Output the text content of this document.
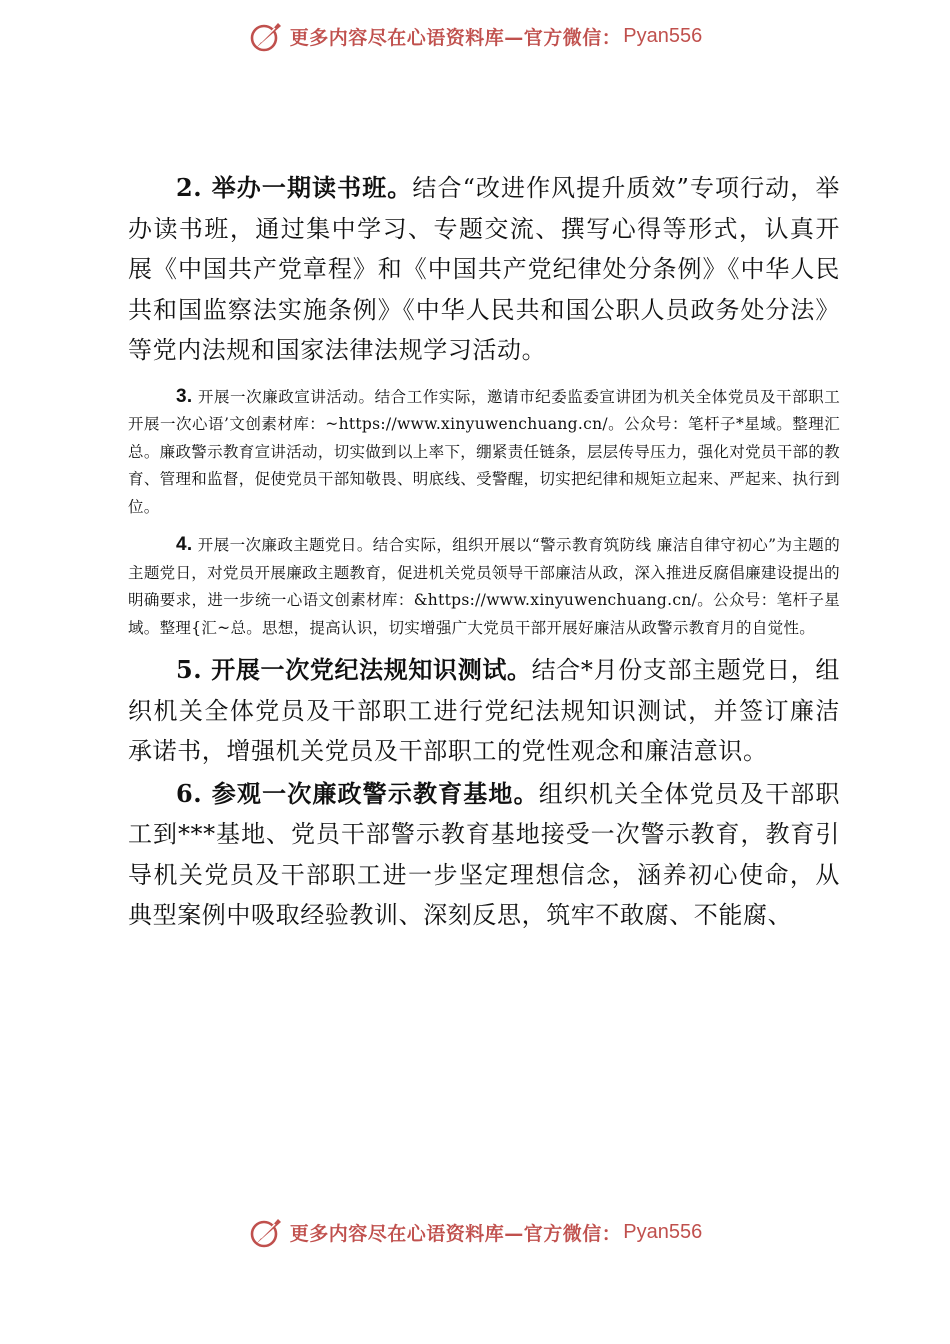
更多内容尽在心语资料库—官方微信： Pyan556

2. 举办一期读书班。结合“改进作风提升质效”专项行动，举办读书班，通过集中学习、专题交流、撰写心得等形式，认真开展《中国共产党章程》和《中国共产党纪律处分条例》《中华人民共和国监察法实施条例》《中华人民共和国公职人员政务处分法》等党内法规和国家法律法规学习活动。

3. 开展一次廉政宣讲活动。结合工作实际，邀请市纪委监委宣讲团为机关全体党员及干部职工开展一次心语’文创素材库：~https://www.xinyuwenchuang.cn/。公众号：笔杆子*星域。整理汇总。廉政警示教育宣讲活动，切实做到以上率下，绷紧责任链条，层层传导压力，强化对党员干部的教育、管理和监督，促使党员干部知敬畏、明底线、受警醒，切实把纪律和规矩立起来、严起来、执行到位。

4. 开展一次廉政主题党日。结合实际，组织开展以“警示教育筑防线 廉洁自律守初心”为主题的主题党日，对党员开展廉政主题教育，促进机关党员领导干部廉洁从政，深入推进反腐倡廉建设提出的明确要求，进一步统一心语文创素材库：&https://www.xinyuwenchuang.cn/。公众号：笔杆子星域。整理{汇~总。思想，提高认识，切实增强广大党员干部开展好廉洁从政警示教育月的自觉性。

5. 开展一次党纪法规知识测试。结合*月份支部主题党日，组织机关全体党员及干部职工进行党纪法规知识测试，并签订廉洁承诺书，增强机关党员及干部职工的党性观念和廉洁意识。

6. 参观一次廉政警示教育基地。组织机关全体党员及干部职工到***基地、党员干部警示教育基地接受一次警示教育，教育引导机关党员及干部职工进一步坚定理想信念，涵养初心使命，从典型案例中吸取经验教训、深刻反思，筑牢不敢腐、不能腐、

更多内容尽在心语资料库—官方微信： Pyan556
